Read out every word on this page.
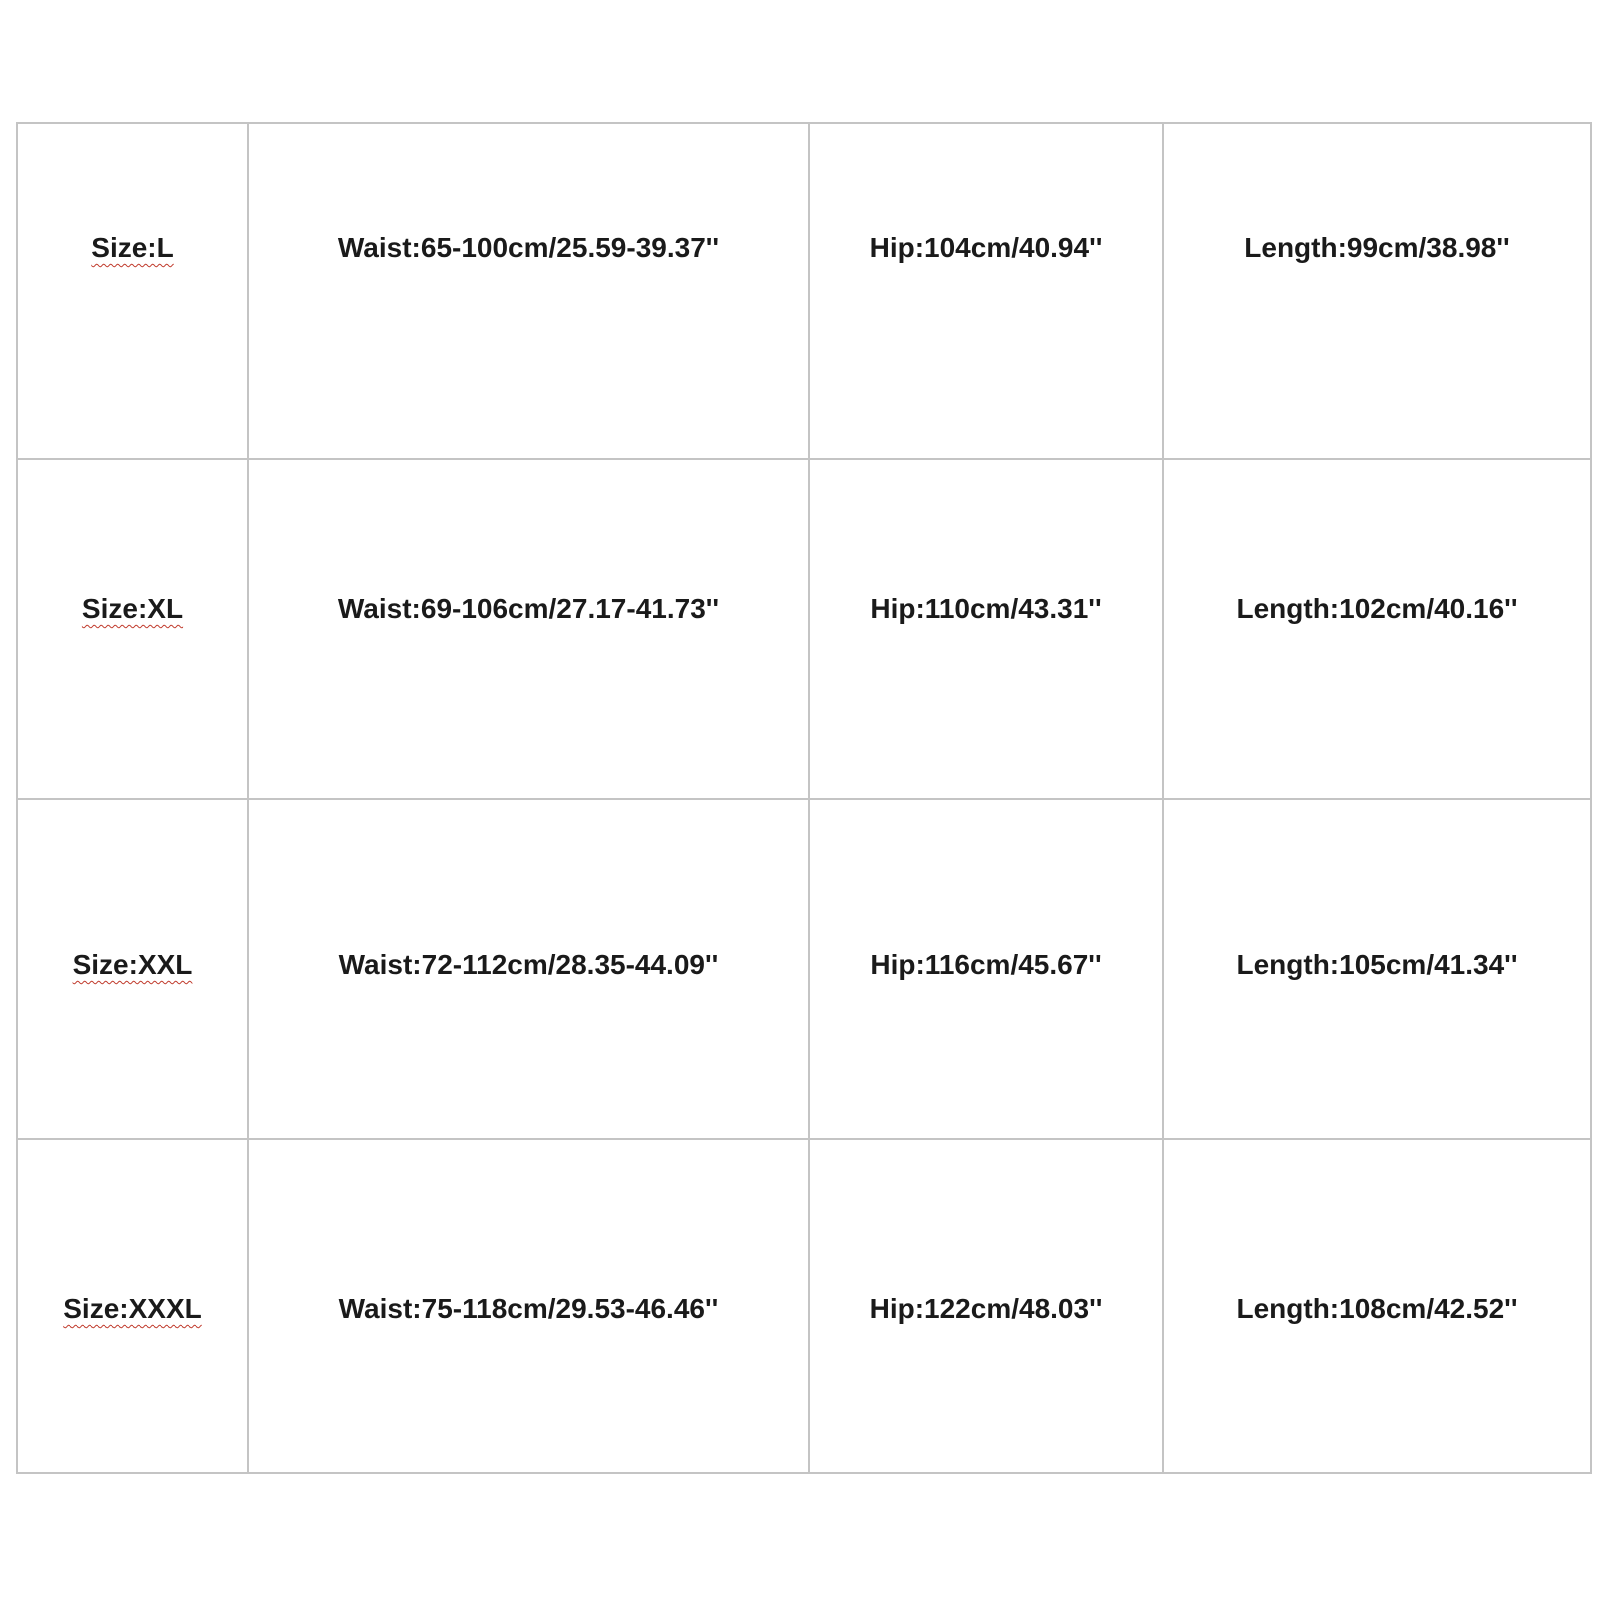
Size:L	Waist:65-100cm/25.59-39.37''	Hip:104cm/40.94''	Length:99cm/38.98''
Size:XL	Waist:69-106cm/27.17-41.73''	Hip:110cm/43.31''	Length:102cm/40.16''
Size:XXL	Waist:72-112cm/28.35-44.09''	Hip:116cm/45.67''	Length:105cm/41.34''
Size:XXXL	Waist:75-118cm/29.53-46.46''	Hip:122cm/48.03''	Length:108cm/42.52''
